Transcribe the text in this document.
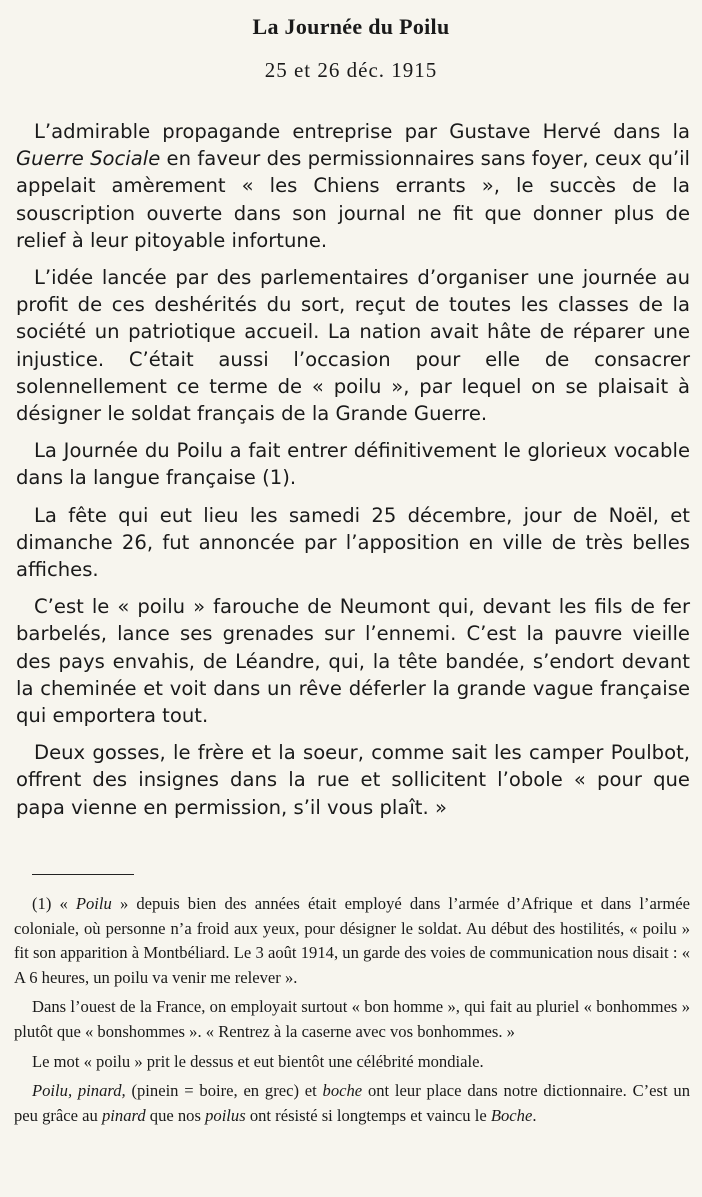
La Journée du Poilu
25 et 26 déc. 1915

L’admirable propagande entreprise par Gustave Hervé dans la Guerre Sociale en faveur des permissionnaires sans foyer, ceux qu’il appelait amèrement « les Chiens errants », le succès de la souscription ouverte dans son journal ne fit que donner plus de relief à leur pitoyable infortune.

L’idée lancée par des parlementaires d’organiser une journée au profit de ces deshérités du sort, reçut de toutes les classes de la société un patriotique accueil. La nation avait hâte de réparer une injustice. C’était aussi l’occasion pour elle de consacrer solennellement ce terme de « poilu », par lequel on se plaisait à désigner le soldat français de la Grande Guerre.

La Journée du Poilu a fait entrer définitivement le glorieux vocable dans la langue française (1).

La fête qui eut lieu les samedi 25 décembre, jour de Noël, et dimanche 26, fut annoncée par l’apposition en ville de très belles affiches.

C’est le « poilu » farouche de Neumont qui, devant les fils de fer barbelés, lance ses grenades sur l’ennemi. C’est la pauvre vieille des pays envahis, de Léandre, qui, la tête bandée, s’endort devant la cheminée et voit dans un rêve déferler la grande vague française qui emportera tout.

Deux gosses, le frère et la soeur, comme sait les camper Poulbot, offrent des insignes dans la rue et sollicitent l’obole « pour que papa vienne en permission, s’il vous plaît. »

(1) « Poilu » depuis bien des années était employé dans l’armée d’Afrique et dans l’armée coloniale, où personne n’a froid aux yeux, pour désigner le soldat. Au début des hostilités, « poilu » fit son apparition à Montbéliard. Le 3 août 1914, un garde des voies de communication nous disait : « A 6 heures, un poilu va venir me relever ».

Dans l’ouest de la France, on employait surtout « bon homme », qui fait au pluriel « bonhommes » plutôt que « bonshommes ». « Rentrez à la caserne avec vos bonhommes. »

Le mot « poilu » prit le dessus et eut bientôt une célébrité mondiale.

Poilu, pinard, (pinein = boire, en grec) et boche ont leur place dans notre dictionnaire. C’est un peu grâce au pinard que nos poilus ont résisté si longtemps et vaincu le Boche.
